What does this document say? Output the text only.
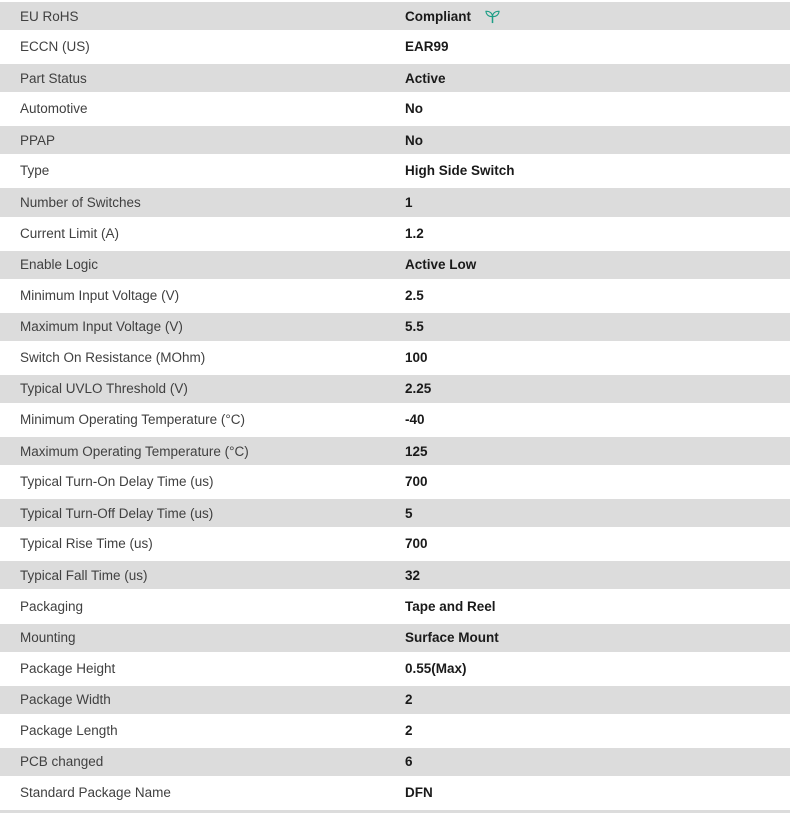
EU RoHS	Compliant
ECCN (US)	EAR99
Part Status	Active
Automotive	No
PPAP	No
Type	High Side Switch
Number of Switches	1
Current Limit (A)	1.2
Enable Logic	Active Low
Minimum Input Voltage (V)	2.5
Maximum Input Voltage (V)	5.5
Switch On Resistance (MOhm)	100
Typical UVLO Threshold (V)	2.25
Minimum Operating Temperature (°C)	-40
Maximum Operating Temperature (°C)	125
Typical Turn-On Delay Time (us)	700
Typical Turn-Off Delay Time (us)	5
Typical Rise Time (us)	700
Typical Fall Time (us)	32
Packaging	Tape and Reel
Mounting	Surface Mount
Package Height	0.55(Max)
Package Width	2
Package Length	2
PCB changed	6
Standard Package Name	DFN
